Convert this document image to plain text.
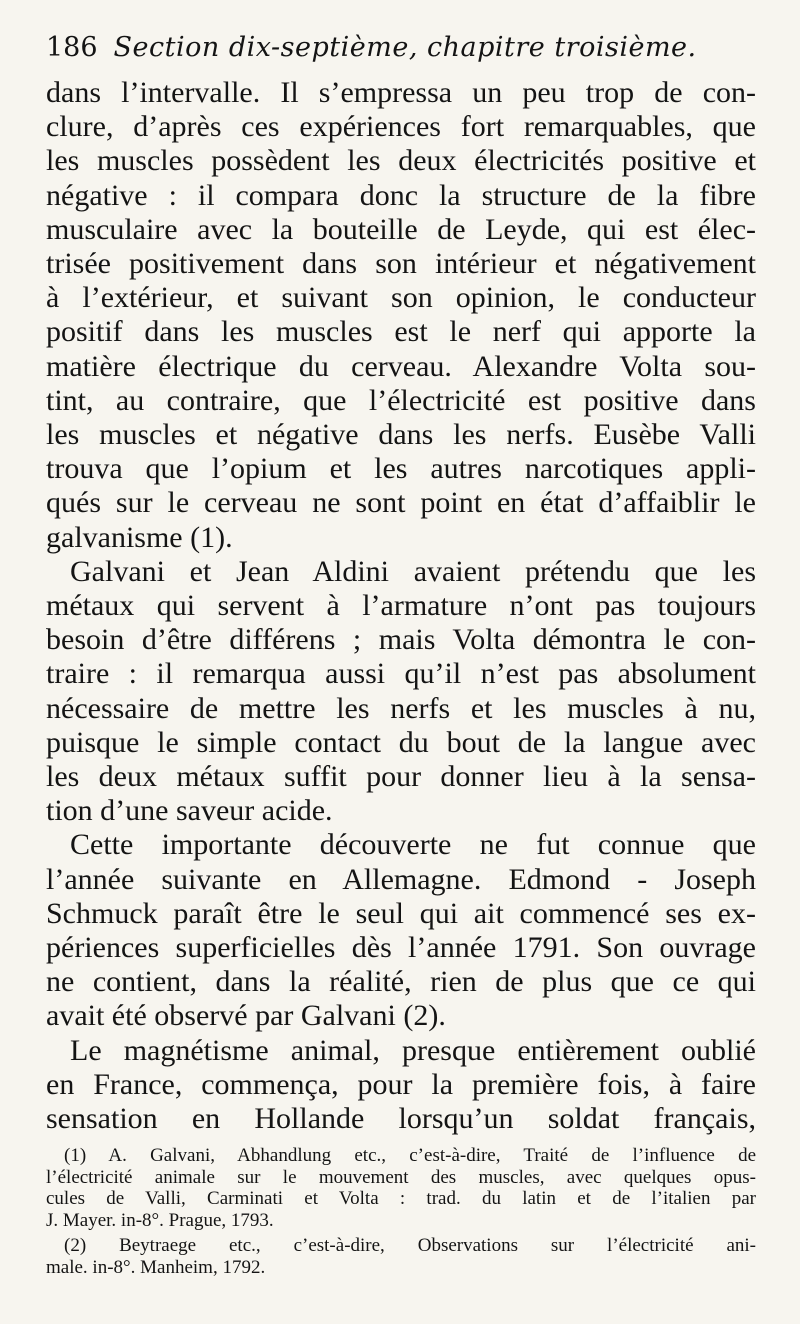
186 Section dix-septième, chapitre troisième.
dans l’intervalle. Il s’empressa un peu trop de con-
clure, d’après ces expériences fort remarquables, que
les muscles possèdent les deux électricités positive et
négative : il compara donc la structure de la fibre
musculaire avec la bouteille de Leyde, qui est élec-
trisée positivement dans son intérieur et négativement
à l’extérieur, et suivant son opinion, le conducteur
positif dans les muscles est le nerf qui apporte la
matière électrique du cerveau. Alexandre Volta sou-
tint, au contraire, que l’électricité est positive dans
les muscles et négative dans les nerfs. Eusèbe Valli
trouva que l’opium et les autres narcotiques appli-
qués sur le cerveau ne sont point en état d’affaiblir le
galvanisme (1).
Galvani et Jean Aldini avaient prétendu que les
métaux qui servent à l’armature n’ont pas toujours
besoin d’être différens ; mais Volta démontra le con-
traire : il remarqua aussi qu’il n’est pas absolument
nécessaire de mettre les nerfs et les muscles à nu,
puisque le simple contact du bout de la langue avec
les deux métaux suffit pour donner lieu à la sensa-
tion d’une saveur acide.
Cette importante découverte ne fut connue que
l’année suivante en Allemagne. Edmond - Joseph
Schmuck paraît être le seul qui ait commencé ses ex-
périences superficielles dès l’année 1791. Son ouvrage
ne contient, dans la réalité, rien de plus que ce qui
avait été observé par Galvani (2).
Le magnétisme animal, presque entièrement oublié
en France, commença, pour la première fois, à faire
sensation en Hollande lorsqu’un soldat français,

(1) A. Galvani, Abhandlung etc., c’est-à-dire, Traité de l’influence de
l’électricité animale sur le mouvement des muscles, avec quelques opus-
cules de Valli, Carminati et Volta : trad. du latin et de l’italien par
J. Mayer. in-8°. Prague, 1793.

(2) Beytraege etc., c’est-à-dire, Observations sur l’électricité ani-
male. in-8°. Manheim, 1792.
